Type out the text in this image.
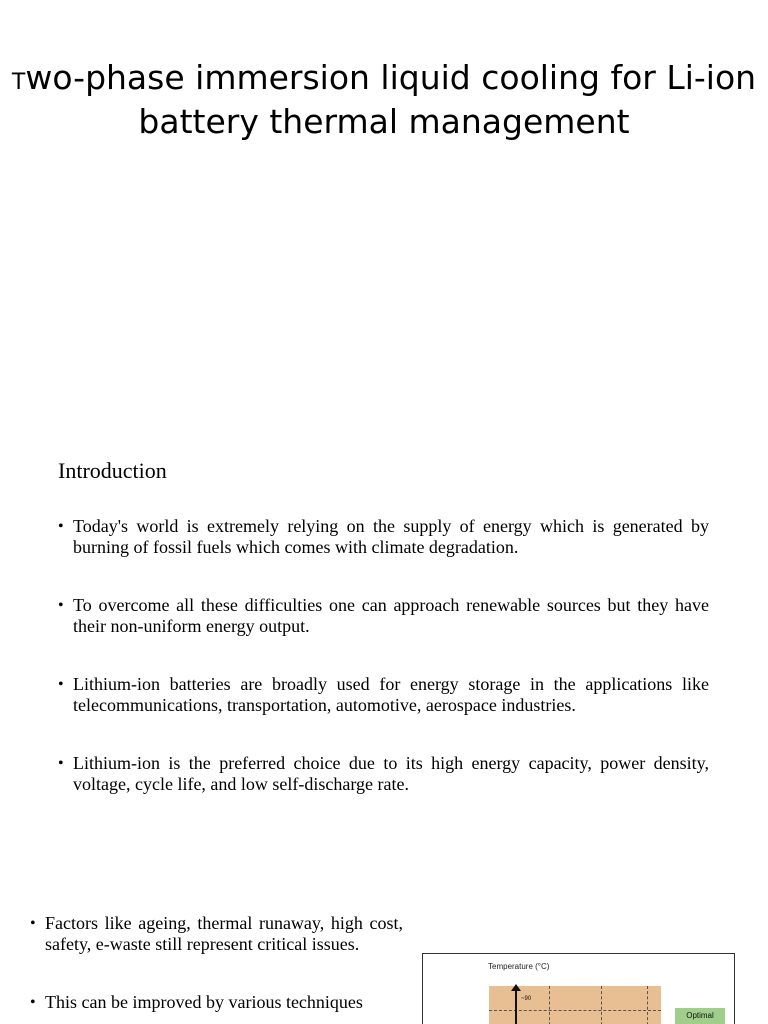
Two-phase immersion liquid cooling for Li-ion battery thermal management
Introduction
• Today's world is extremely relying on the supply of energy which is generated by burning of fossil fuels which comes with climate degradation.
• To overcome all these difficulties one can approach renewable sources but they have their non-uniform energy output.
• Lithium-ion batteries are broadly used for energy storage in the applications like telecommunications, transportation, automotive, aerospace industries.
• Lithium-ion is the preferred choice due to its high energy capacity, power density, voltage, cycle life, and low self-discharge rate.
• Factors like ageing, thermal runaway, high cost, safety, e-waste still represent critical issues.
• This can be improved by various techniques
Temperature (°C)
~90
Optimal
